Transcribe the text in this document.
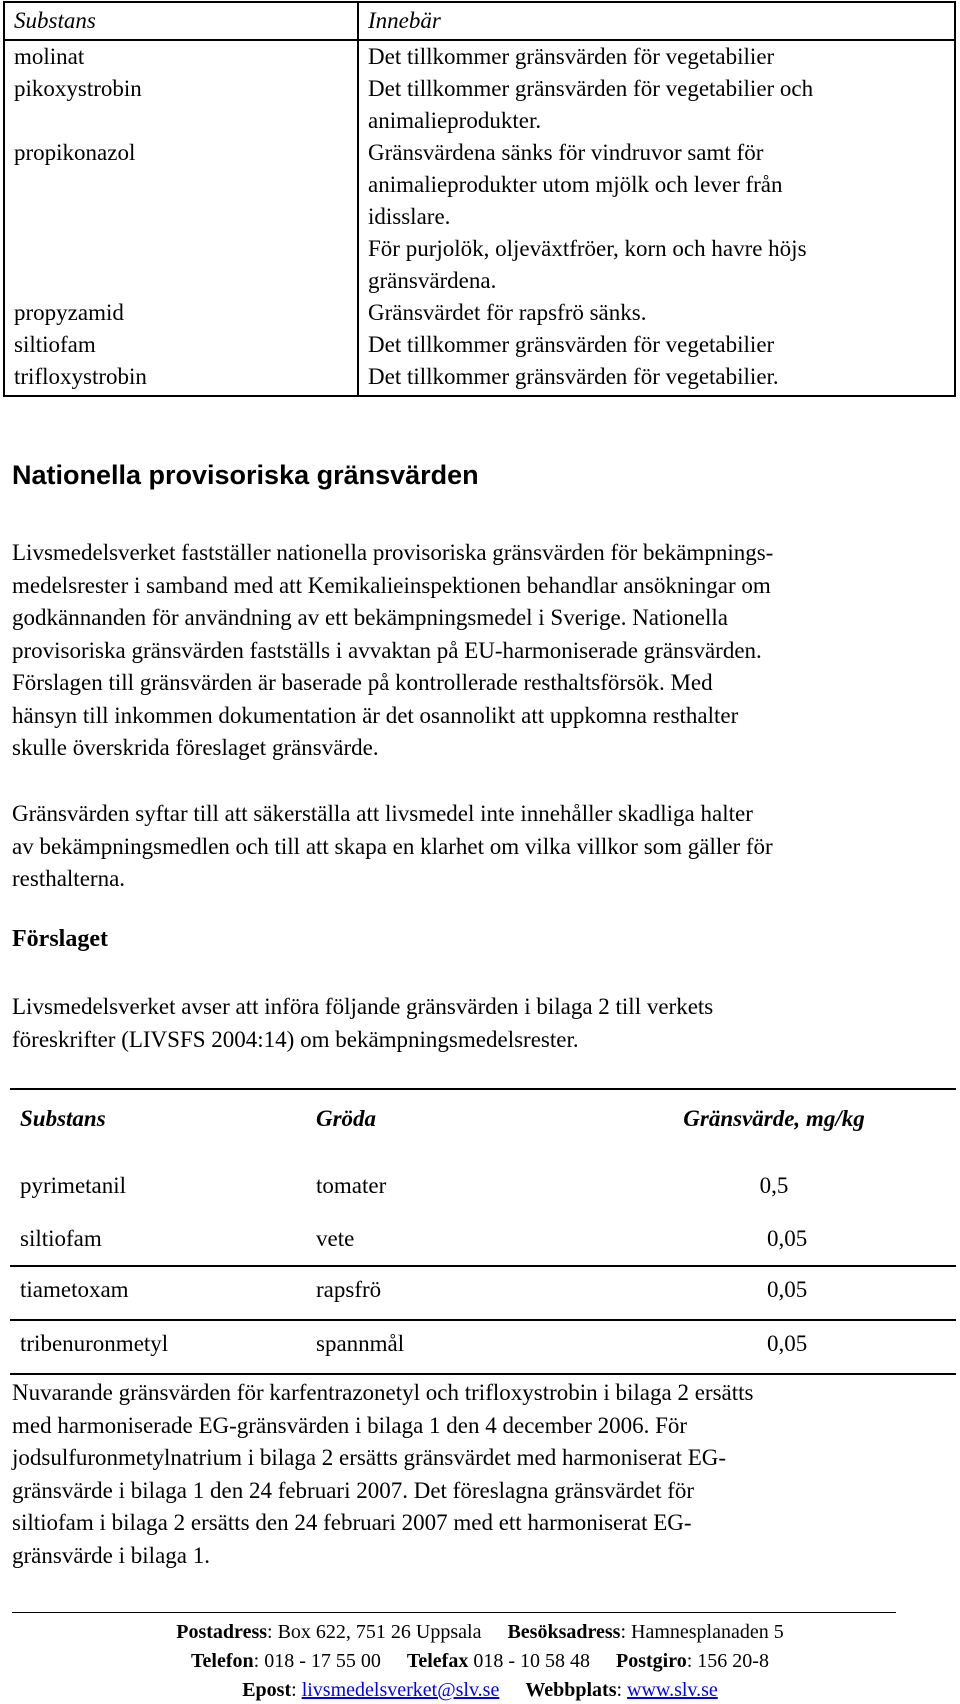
Substans	Innebär
molinat	Det tillkommer gränsvärden för vegetabilier

pikoxystrobin	Det tillkommer gränsvärden för vegetabilier och
animalieprodukter.

propikonazol	Gränsvärdena sänks för vindruvor samt för
animalieprodukter utom mjölk och lever från
idisslare.
För purjolök, oljeväxtfröer, korn och havre höjs
gränsvärdena.

propyzamid	Gränsvärdet för rapsfrö sänks.

siltiofam	Det tillkommer gränsvärden för vegetabilier

trifloxystrobin	Det tillkommer gränsvärden för vegetabilier.
Nationella provisoriska gränsvärden
Livsmedelsverket fastställer nationella provisoriska gränsvärden för bekämpnings-
medelsrester i samband med att Kemikalieinspektionen behandlar ansökningar om
godkännanden för användning av ett bekämpningsmedel i Sverige. Nationella
provisoriska gränsvärden fastställs i avvaktan på EU-harmoniserade gränsvärden.
Förslagen till gränsvärden är baserade på kontrollerade resthaltsförsök. Med
hänsyn till inkommen dokumentation är det osannolikt att uppkomna resthalter
skulle överskrida föreslaget gränsvärde.
Gränsvärden syftar till att säkerställa att livsmedel inte innehåller skadliga halter
av bekämpningsmedlen och till att skapa en klarhet om vilka villkor som gäller för
resthalterna.
Förslaget
Livsmedelsverket avser att införa följande gränsvärden i bilaga 2 till verkets
föreskrifter (LIVSFS 2004:14) om bekämpningsmedelsrester.
Substans	Gröda	Gränsvärde, mg/kg
pyrimetanil	tomater	0,5
siltiofam	vete	0,05
tiametoxam	rapsfrö	0,05
tribenuronmetyl	spannmål	0,05
Nuvarande gränsvärden för karfentrazonetyl och trifloxystrobin i bilaga 2 ersätts
med harmoniserade EG-gränsvärden i bilaga 1 den 4 december 2006. För
jodsulfuronmetylnatrium i bilaga 2 ersätts gränsvärdet med harmoniserat EG-
gränsvärde i bilaga 1 den 24 februari 2007. Det föreslagna gränsvärdet för
siltiofam i bilaga 2 ersätts den 24 februari 2007 med ett harmoniserat EG-
gränsvärde i bilaga 1.
Postadress: Box 622, 751 26 Uppsala Besöksadress: Hamnesplanaden 5
Telefon: 018 - 17 55 00 Telefax 018 - 10 58 48 Postgiro: 156 20-8
Epost: livsmedelsverket@slv.se Webbplats: www.slv.se
